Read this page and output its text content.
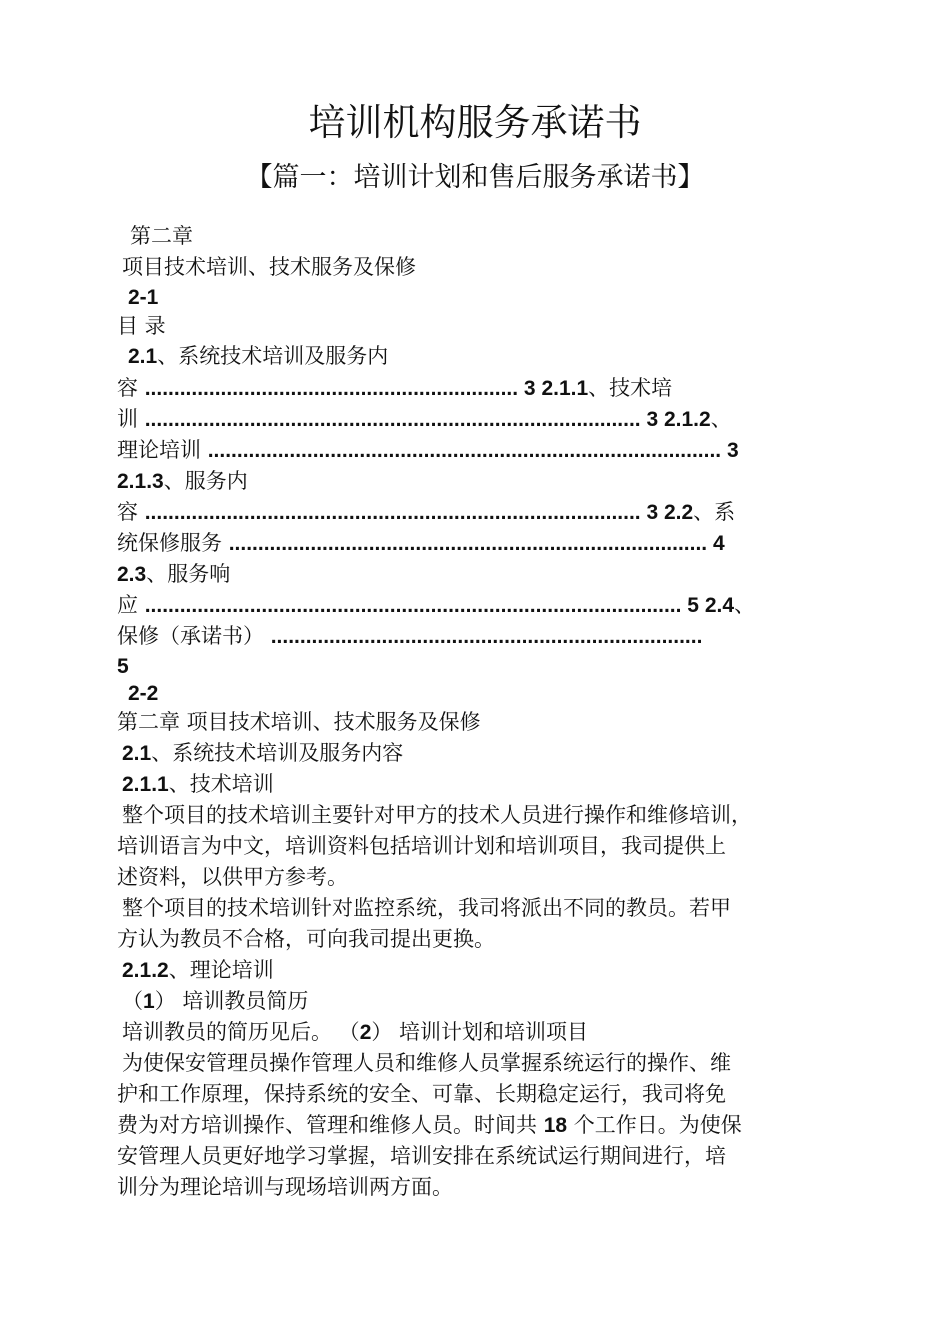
培训机构服务承诺书
【篇一：培训计划和售后服务承诺书】
第二章
项目技术培训、技术服务及保修
2-1
目 录
2.1、系统技术培训及服务内
容 ................................................................ 3 2.1.1、技术培
训 ..................................................................................... 3 2.1.2、
理论培训 ........................................................................................ 3
2.1.3、服务内
容 ..................................................................................... 3 2.2、系
统保修服务 .................................................................................. 4
2.3、服务响
应 ............................................................................................ 5 2.4、
保修（承诺书） ..........................................................................
5
2-2
第二章 项目技术培训、技术服务及保修
2.1、系统技术培训及服务内容
2.1.1、技术培训
整个项目的技术培训主要针对甲方的技术人员进行操作和维修培训，
培训语言为中文，培训资料包括培训计划和培训项目，我司提供上
述资料，以供甲方参考。
整个项目的技术培训针对监控系统，我司将派出不同的教员。若甲
方认为教员不合格，可向我司提出更换。
2.1.2、理论培训
（1） 培训教员简历
培训教员的简历见后。 （2） 培训计划和培训项目
为使保安管理员操作管理人员和维修人员掌握系统运行的操作、维
护和工作原理，保持系统的安全、可靠、长期稳定运行，我司将免
费为对方培训操作、管理和维修人员。时间共 18 个工作日。为使保
安管理人员更好地学习掌握，培训安排在系统试运行期间进行，培
训分为理论培训与现场培训两方面。
